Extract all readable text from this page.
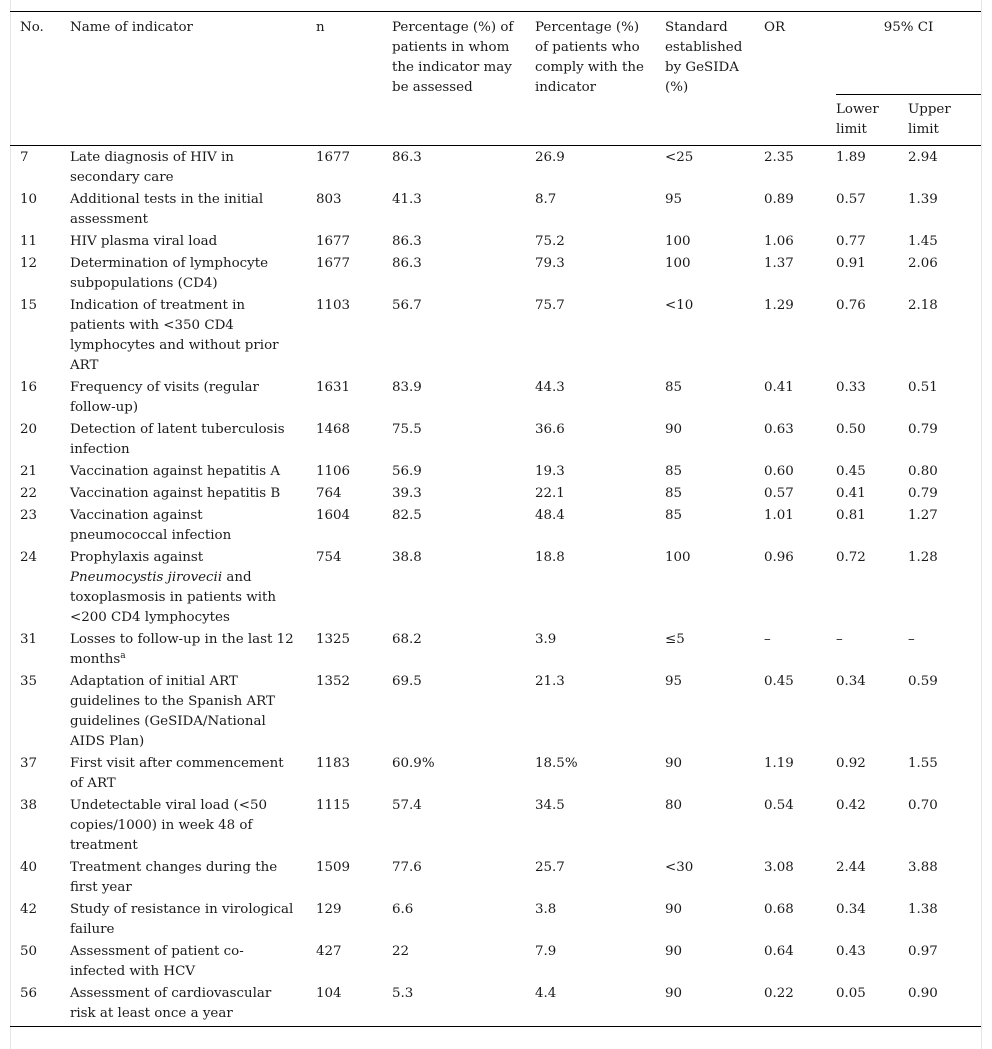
No.	Name of indicator	n	Percentage (%) of patients in whom the indicator may be assessed	Percentage (%) of patients who comply with the indicator	Standard established by GeSIDA (%)	OR	95% CI	
							Lower limit	Upper limit
7	Late diagnosis of HIV in secondary care	1677	86.3	26.9	<25	2.35	1.89	2.94
10	Additional tests in the initial assessment	803	41.3	8.7	95	0.89	0.57	1.39
11	HIV plasma viral load	1677	86.3	75.2	100	1.06	0.77	1.45
12	Determination of lymphocyte subpopulations (CD4)	1677	86.3	79.3	100	1.37	0.91	2.06
15	Indication of treatment in patients with <350 CD4 lymphocytes and without prior ART	1103	56.7	75.7	<10	1.29	0.76	2.18
16	Frequency of visits (regular follow-up)	1631	83.9	44.3	85	0.41	0.33	0.51
20	Detection of latent tuberculosis infection	1468	75.5	36.6	90	0.63	0.50	0.79
21	Vaccination against hepatitis A	1106	56.9	19.3	85	0.60	0.45	0.80
22	Vaccination against hepatitis B	764	39.3	22.1	85	0.57	0.41	0.79
23	Vaccination against pneumococcal infection	1604	82.5	48.4	85	1.01	0.81	1.27
24	Prophylaxis against Pneumocystis jirovecii and toxoplasmosis in patients with <200 CD4 lymphocytes	754	38.8	18.8	100	0.96	0.72	1.28
31	Losses to follow-up in the last 12 months$^a$	1325	68.2	3.9	≤5	–	–	–
35	Adaptation of initial ART guidelines to the Spanish ART guidelines (GeSIDA/National AIDS Plan)	1352	69.5	21.3	95	0.45	0.34	0.59
37	First visit after commencement of ART	1183	60.9%	18.5%	90	1.19	0.92	1.55
38	Undetectable viral load (<50 copies/1000) in week 48 of treatment	1115	57.4	34.5	80	0.54	0.42	0.70
40	Treatment changes during the first year	1509	77.6	25.7	<30	3.08	2.44	3.88
42	Study of resistance in virological failure	129	6.6	3.8	90	0.68	0.34	1.38
50	Assessment of patient co-infected with HCV	427	22	7.9	90	0.64	0.43	0.97
56	Assessment of cardiovascular risk at least once a year	104	5.3	4.4	90	0.22	0.05	0.90
